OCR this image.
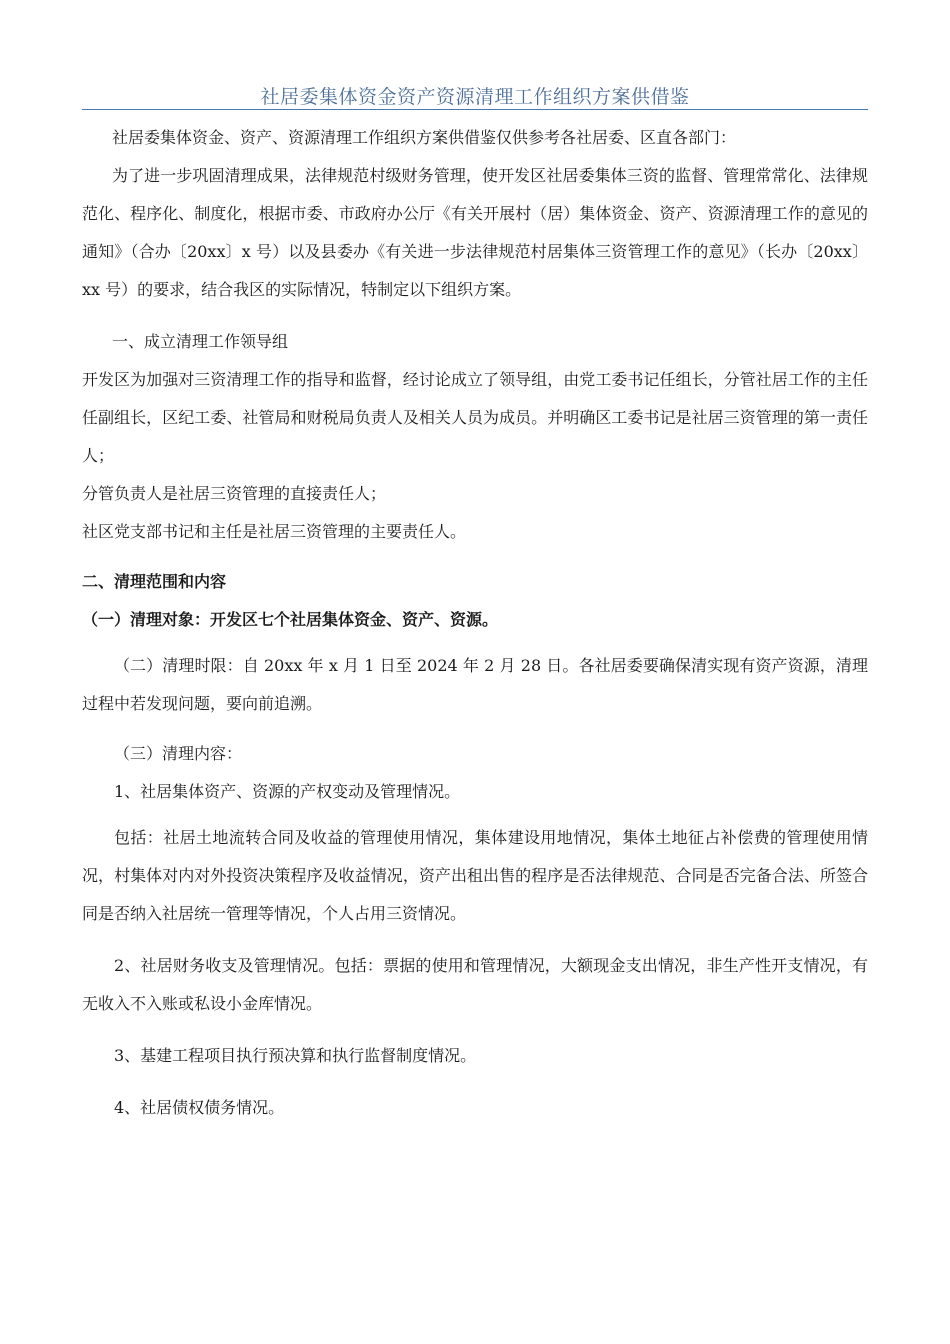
社居委集体资金资产资源清理工作组织方案供借鉴

社居委集体资金、资产、资源清理工作组织方案供借鉴仅供参考各社居委、区直各部门：

为了进一步巩固清理成果，法律规范村级财务管理，使开发区社居委集体三资的监督、管理常常化、法律规范化、程序化、制度化，根据市委、市政府办公厅《有关开展村（居）集体资金、资产、资源清理工作的意见的通知》（合办〔20xx〕x 号）以及县委办《有关进一步法律规范村居集体三资管理工作的意见》（长办〔20xx〕xx 号）的要求，结合我区的实际情况，特制定以下组织方案。

一、成立清理工作领导组

开发区为加强对三资清理工作的指导和监督，经讨论成立了领导组，由党工委书记任组长，分管社居工作的主任任副组长，区纪工委、社管局和财税局负责人及相关人员为成员。并明确区工委书记是社居三资管理的第一责任人；

分管负责人是社居三资管理的直接责任人；

社区党支部书记和主任是社居三资管理的主要责任人。

二、清理范围和内容

（一）清理对象：开发区七个社居集体资金、资产、资源。

（二）清理时限：自 20xx 年 x 月 1 日至 2024 年 2 月 28 日。各社居委要确保清实现有资产资源，清理过程中若发现问题，要向前追溯。

（三）清理内容：

1、社居集体资产、资源的产权变动及管理情况。

包括：社居土地流转合同及收益的管理使用情况，集体建设用地情况，集体土地征占补偿费的管理使用情况，村集体对内对外投资决策程序及收益情况，资产出租出售的程序是否法律规范、合同是否完备合法、所签合同是否纳入社居统一管理等情况，个人占用三资情况。

2、社居财务收支及管理情况。包括：票据的使用和管理情况，大额现金支出情况，非生产性开支情况，有无收入不入账或私设小金库情况。

3、基建工程项目执行预决算和执行监督制度情况。

4、社居债权债务情况。
